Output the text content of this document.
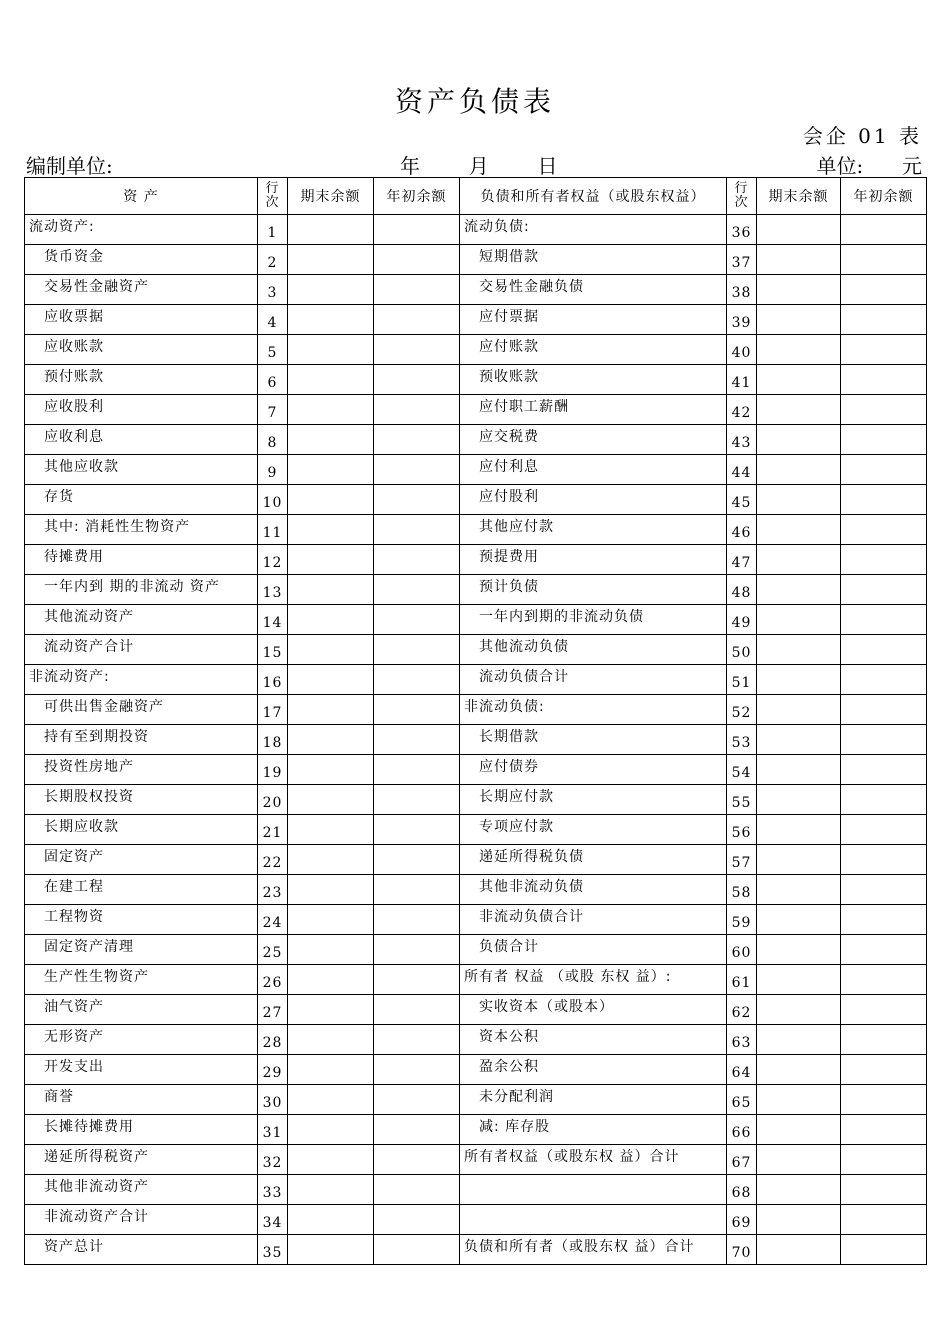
资产负债表
会企 01 表
编制单位:	年 月 日	单位: 元
资 产	行次	期末余额	年初余额	负债和所有者权益（或股东权益）	行次	期末余额	年初余额
流动资产:	1			流动负债:	36		
货币资金	2			短期借款	37		
交易性金融资产	3			交易性金融负债	38		
应收票据	4			应付票据	39		
应收账款	5			应付账款	40		
预付账款	6			预收账款	41		
应收股利	7			应付职工薪酬	42		
应收利息	8			应交税费	43		
其他应收款	9			应付利息	44		
存货	10			应付股利	45		
其中: 消耗性生物资产	11			其他应付款	46		
待摊费用	12			预提费用	47		
一年内到 期的非流动 资产	13			预计负债	48		
其他流动资产	14			一年内到期的非流动负债	49		
流动资产合计	15			其他流动负债	50		
非流动资产:	16			流动负债合计	51		
可供出售金融资产	17			非流动负债:	52		
持有至到期投资	18			长期借款	53		
投资性房地产	19			应付债券	54		
长期股权投资	20			长期应付款	55		
长期应收款	21			专项应付款	56		
固定资产	22			递延所得税负债	57		
在建工程	23			其他非流动负债	58		
工程物资	24			非流动负债合计	59		
固定资产清理	25			负债合计	60		
生产性生物资产	26			所有者 权益 （或股 东权 益）:	61		
油气资产	27			实收资本（或股本）	62		
无形资产	28			资本公积	63		
开发支出	29			盈余公积	64		
商誉	30			未分配利润	65		
长摊待摊费用	31			减: 库存股	66		
递延所得税资产	32			所有者权益（或股东权 益）合计	67		
其他非流动资产	33				68		
非流动资产合计	34				69		
资产总计	35			负债和所有者（或股东权 益）合计	70		
